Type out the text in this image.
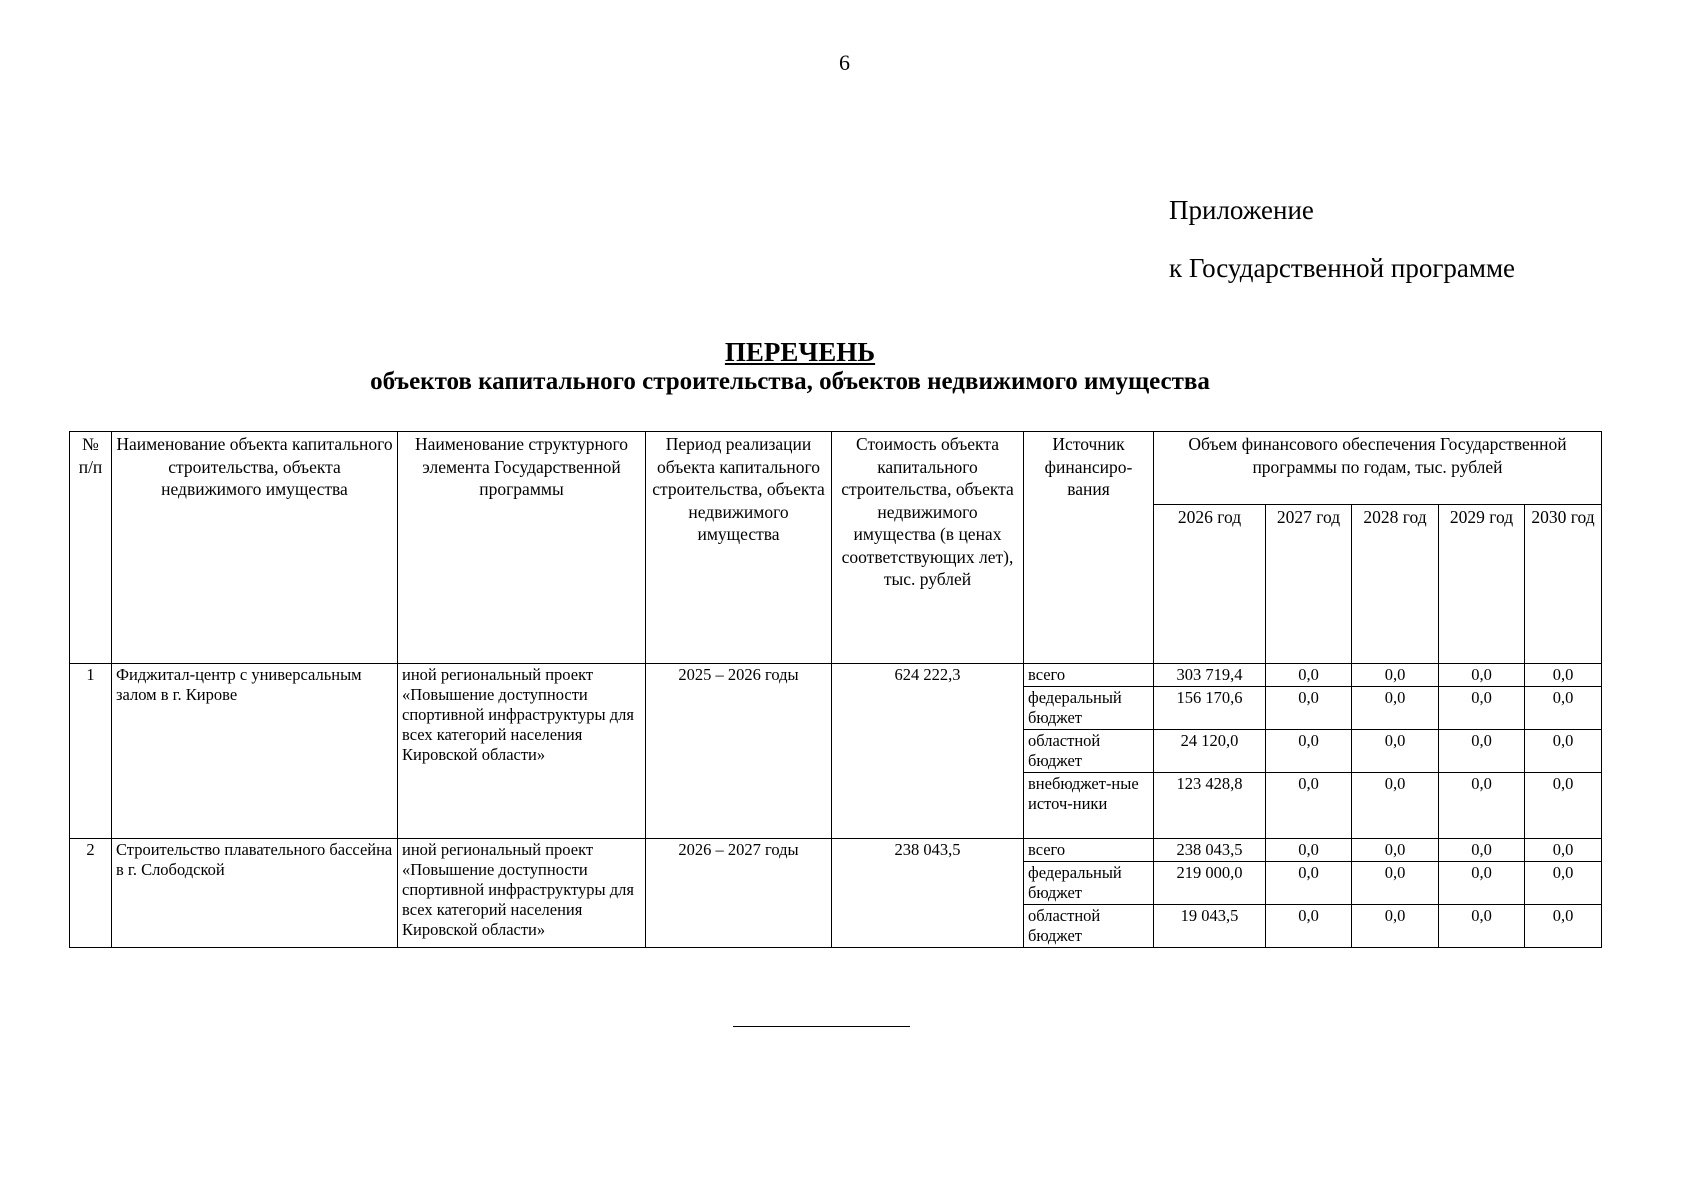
6
Приложение
к Государственной программе
ПЕРЕЧЕНЬ
объектов капитального строительства, объектов недвижимого имущества
№ п/п	Наименование объекта капитального строительства, объекта недвижимого имущества	Наименование структурного элемента Государственной программы	Период реализации объекта капитального строительства, объекта недвижимого имущества	Стоимость объекта капитального строительства, объекта недвижимого имущества (в ценах соответствующих лет), тыс. рублей	Источник финансиро-вания	Объем финансового обеспечения Государственной программы по годам, тыс. рублей				
						2026 год	2027 год	2028 год	2029 год	2030 год
1	Фиджитал-центр с универсальным залом в г. Кирове	иной региональный проект «Повышение доступности спортивной инфраструктуры для всех категорий населения Кировской области»	2025 – 2026 годы	624 222,3	всего	303 719,4	0,0	0,0	0,0	0,0
					федеральный бюджет	156 170,6	0,0	0,0	0,0	0,0
					областной бюджет	24 120,0	0,0	0,0	0,0	0,0
					внебюджет-ные источ-ники	123 428,8	0,0	0,0	0,0	0,0
2	Строительство плавательного бассейна в г. Слободской	иной региональный проект «Повышение доступности спортивной инфраструктуры для всех категорий населения Кировской области»	2026 – 2027 годы	238 043,5	всего	238 043,5	0,0	0,0	0,0	0,0
					федеральный бюджет	219 000,0	0,0	0,0	0,0	0,0
					областной бюджет	19 043,5	0,0	0,0	0,0	0,0
